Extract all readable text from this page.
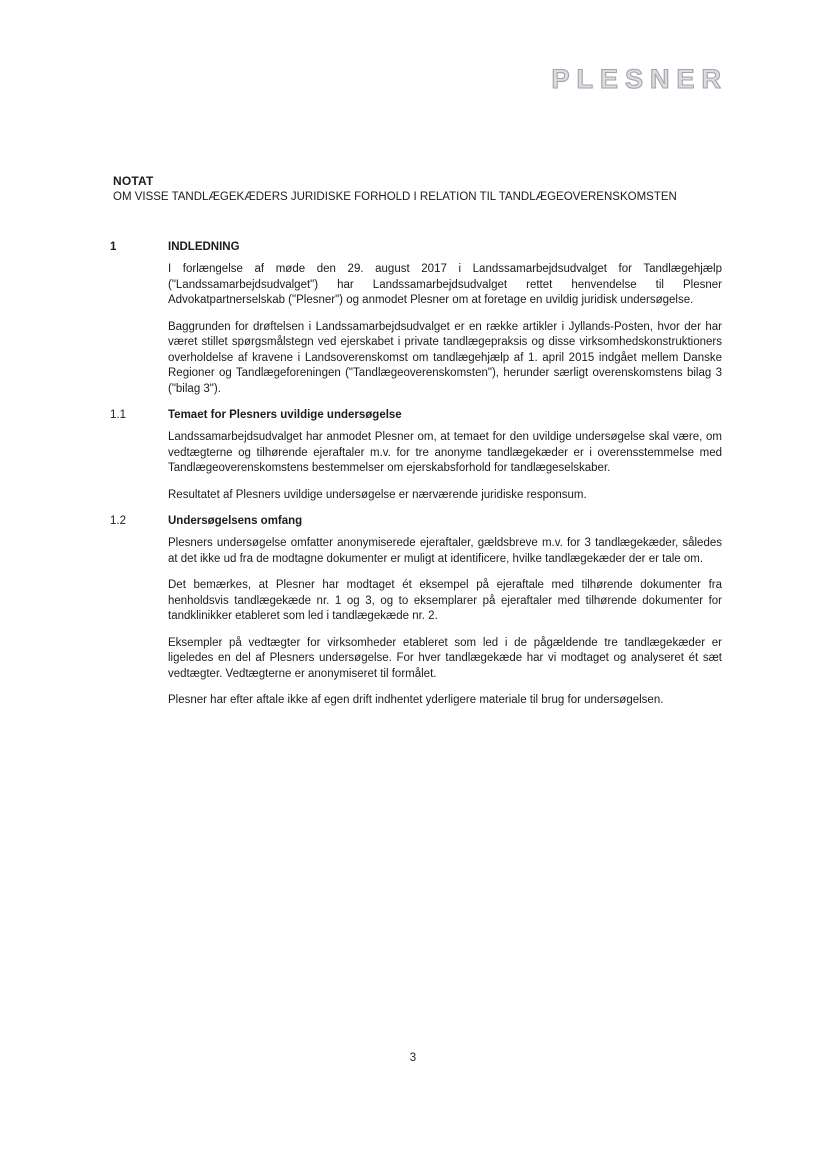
PLESNER
NOTAT
OM VISSE TANDLÆGEKÆDERS JURIDISKE FORHOLD I RELATION TIL TANDLÆGEOVERENSKOMSTEN
1	INDLEDNING

I forlængelse af møde den 29. august 2017 i Landssamarbejdsudvalget for Tandlægehjælp ("Landssamarbejdsudvalget") har Landssamarbejdsudvalget rettet henvendelse til Plesner Advokatpartnerselskab ("Plesner") og anmodet Plesner om at foretage en uvildig juridisk undersøgelse.

Baggrunden for drøftelsen i Landssamarbejdsudvalget er en række artikler i Jyllands-Posten, hvor der har været stillet spørgsmålstegn ved ejerskabet i private tandlægepraksis og disse virksomhedskonstruktioners overholdelse af kravene i Landsoverenskomst om tandlægehjælp af 1. april 2015 indgået mellem Danske Regioner og Tandlægeforeningen ("Tandlægeoverenskomsten"), herunder særligt overenskomstens bilag 3 ("bilag 3").

1.1	Temaet for Plesners uvildige undersøgelse

Landssamarbejdsudvalget har anmodet Plesner om, at temaet for den uvildige undersøgelse skal være, om vedtægterne og tilhørende ejeraftaler m.v. for tre anonyme tandlægekæder er i overensstemmelse med Tandlægeoverenskomstens bestemmelser om ejerskabsforhold for tandlægeselskaber.

Resultatet af Plesners uvildige undersøgelse er nærværende juridiske responsum.

1.2	Undersøgelsens omfang

Plesners undersøgelse omfatter anonymiserede ejeraftaler, gældsbreve m.v. for 3 tandlægekæder, således at det ikke ud fra de modtagne dokumenter er muligt at identificere, hvilke tandlægekæder der er tale om.

Det bemærkes, at Plesner har modtaget ét eksempel på ejeraftale med tilhørende dokumenter fra henholdsvis tandlægekæde nr. 1 og 3, og to eksemplarer på ejeraftaler med tilhørende dokumenter for tandklinikker etableret som led i tandlægekæde nr. 2.

Eksempler på vedtægter for virksomheder etableret som led i de pågældende tre tandlægekæder er ligeledes en del af Plesners undersøgelse. For hver tandlægekæde har vi modtaget og analyseret ét sæt vedtægter. Vedtægterne er anonymiseret til formålet.

Plesner har efter aftale ikke af egen drift indhentet yderligere materiale til brug for undersøgelsen.

3
